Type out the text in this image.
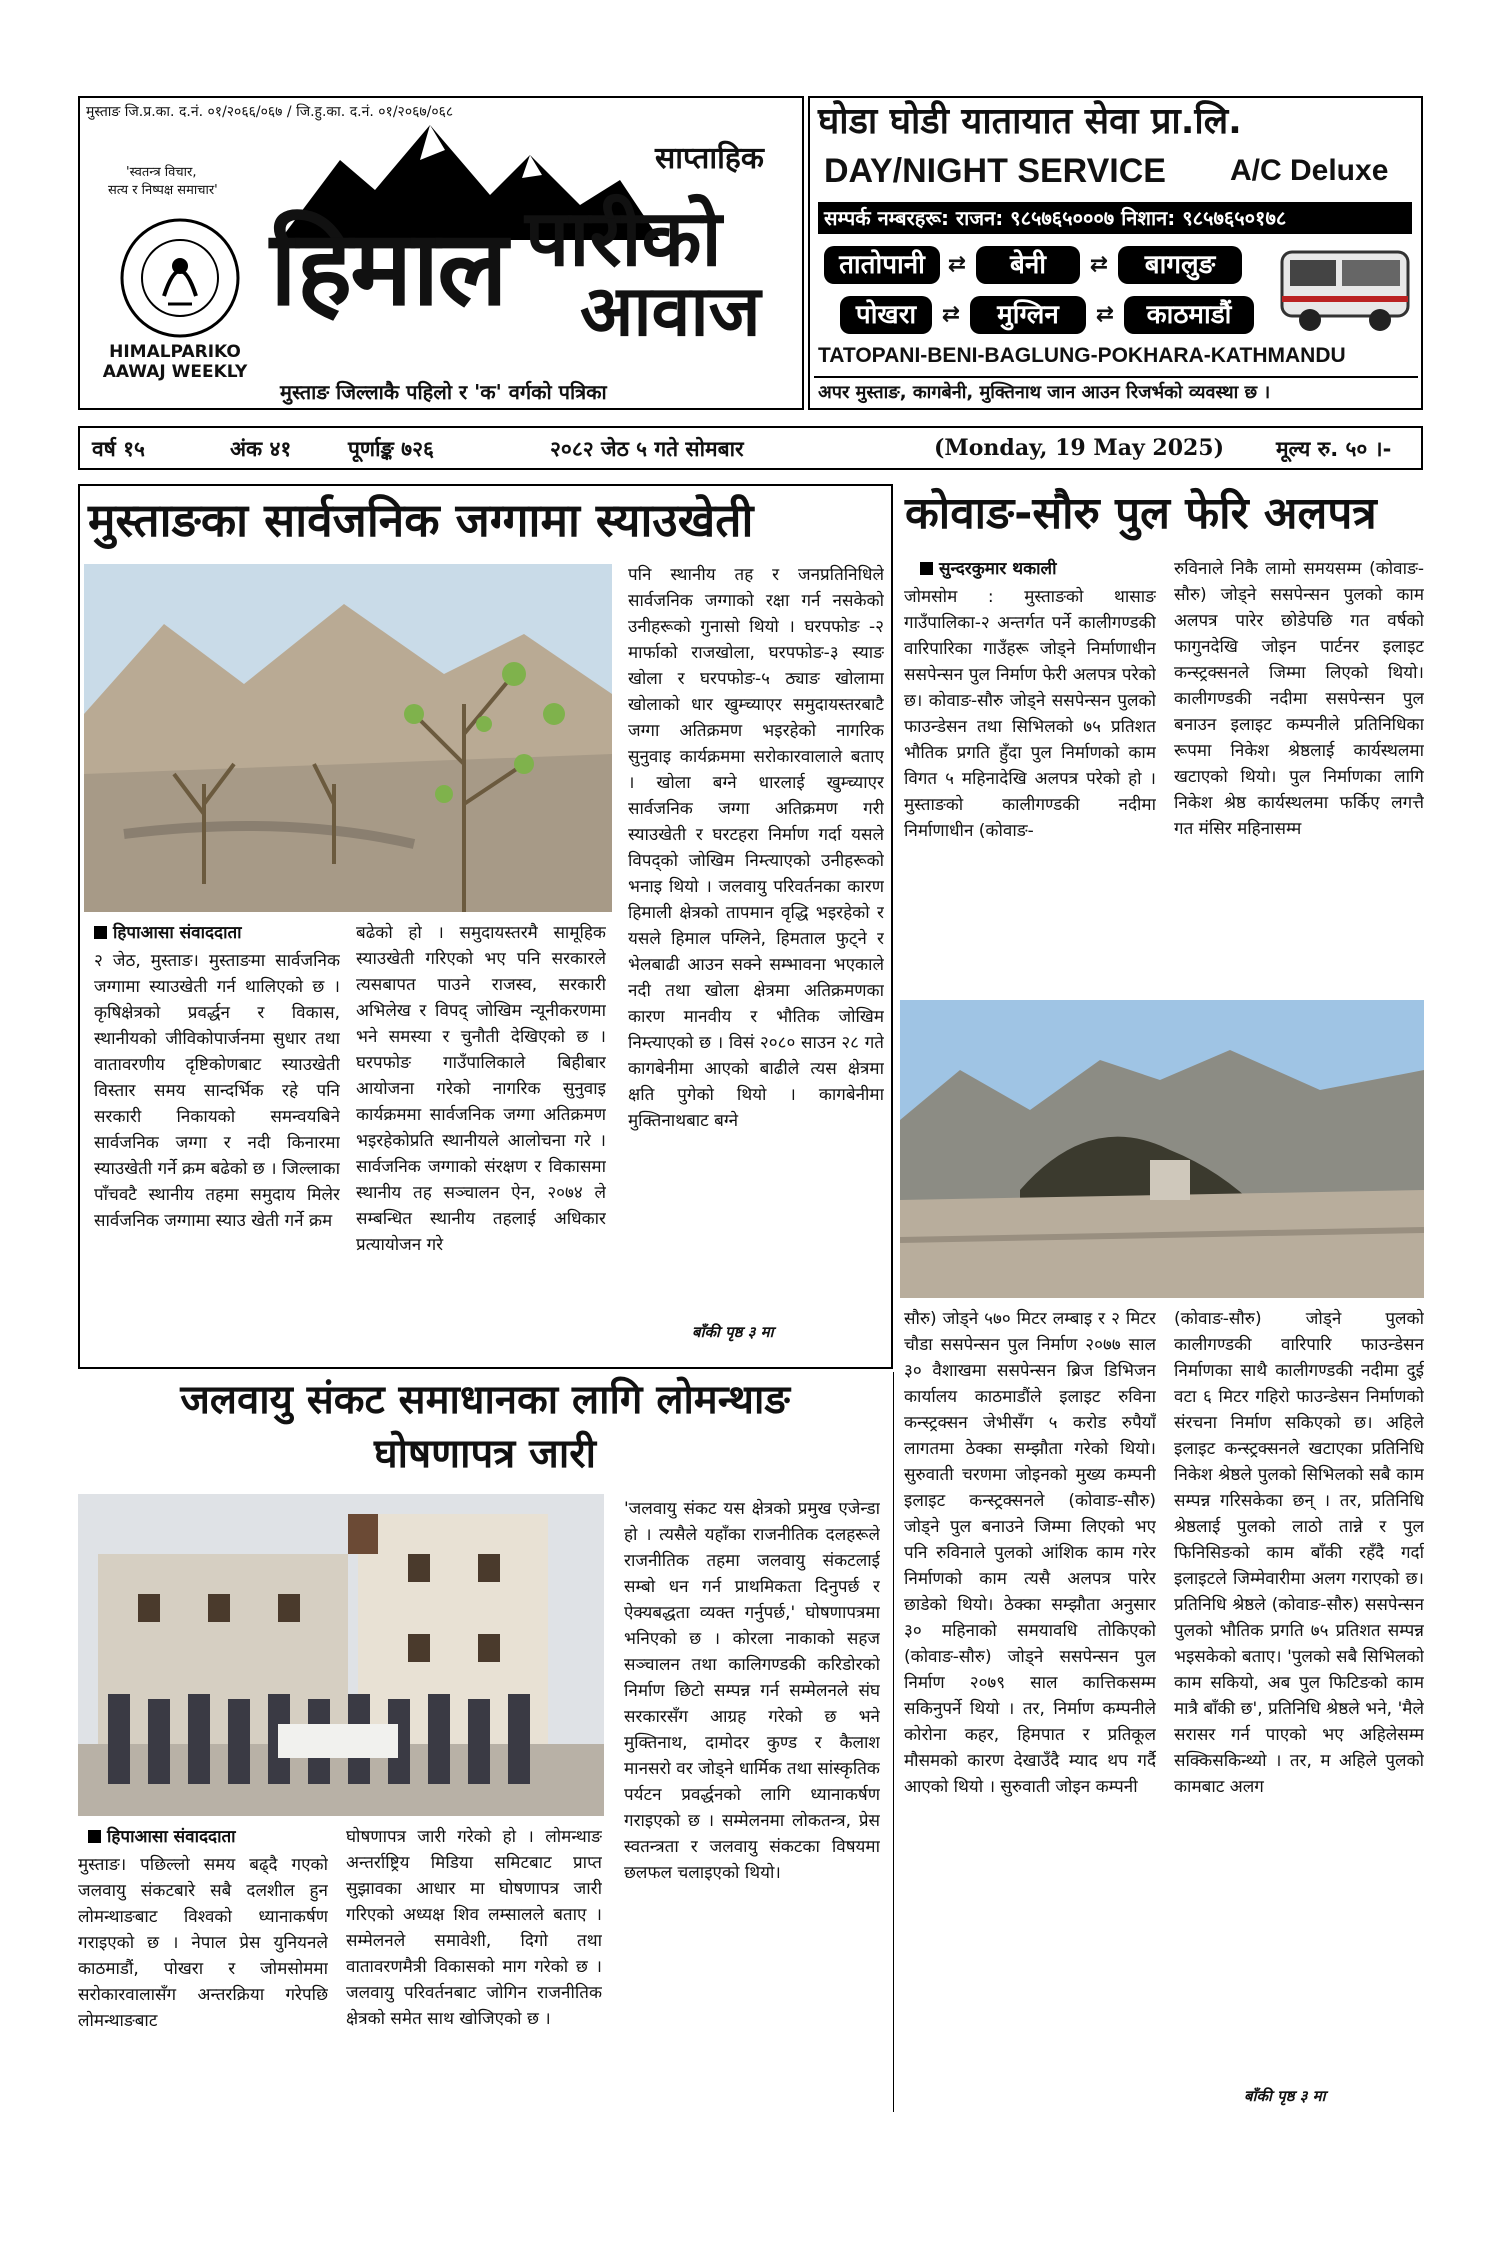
मुस्ताङ जि.प्र.का. द.नं. ०१/२०६६/०६७ / जि.हु.का. द.नं. ०१/२०६७/०६८
'स्वतन्त्र विचार,
सत्य र निष्पक्ष समाचार'
HIMALPARIKO
AAWAJ WEEKLY
साप्ताहिक
हिमाल पारीको
आवाज
मुस्ताङ जिल्लाकै पहिलो र 'क' वर्गको पत्रिका
घोडा घोडी यातायात सेवा प्रा.लि.
DAY/NIGHT SERVICE A/C Deluxe
सम्पर्क नम्बरहरू: राजन: ९८५७६५०००७ निशान: ९८५७६५०१७८
तातोपानी	⇄	बेनी	⇄	बागलुङ
पोखरा	⇄	मुग्लिन	⇄	काठमाडौं
TATOPANI-BENI-BAGLUNG-POKHARA-KATHMANDU
अपर मुस्ताङ, कागबेनी, मुक्तिनाथ जान आउन रिजर्भको व्यवस्था छ ।
वर्ष १५	अंक ४१	पूर्णाङ्क ७२६	२०८२ जेठ ५ गते सोमबार	(Monday, 19 May 2025) मूल्य रु. ५० ।-
मुस्ताङका सार्वजनिक जग्गामा स्याउखेती
हिपाआसा संवाददाता
२ जेठ, मुस्ताङ। मुस्ताङमा सार्वजनिक जग्गामा स्याउखेती गर्न थालिएको छ । कृषिक्षेत्रको प्रवर्द्धन र विकास, स्थानीयको जीविकोपार्जनमा सुधार तथा वातावरणीय दृष्टिकोणबाट स्याउखेती विस्तार समय सान्दर्भिक रहे पनि सरकारी निकायको समन्वयबिने सार्वजनिक जग्गा र नदी किनारमा स्याउखेती गर्ने क्रम बढेको छ । जिल्लाका पाँचवटै स्थानीय तहमा समुदाय मिलेर सार्वजनिक जग्गामा स्याउ खेती गर्ने क्रम
बढेको हो । समुदायस्तरमै सामूहिक स्याउखेती गरिएको भए पनि सरकारले त्यसबापत पाउने राजस्व, सरकारी अभिलेख र विपद् जोखिम न्यूनीकरणमा भने समस्या र चुनौती देखिएको छ । घरपफोङ गाउँपालिकाले बिहीबार आयोजना गरेको नागरिक सुनुवाइ कार्यक्रममा सार्वजनिक जग्गा अतिक्रमण भइरहेकोप्रति स्थानीयले आलोचना गरे । सार्वजनिक जग्गाको संरक्षण र विकासमा स्थानीय तह सञ्चालन ऐन, २०७४ ले सम्बन्धित स्थानीय तहलाई अधिकार प्रत्यायोजन गरे
पनि स्थानीय तह र जनप्रतिनिधिले सार्वजनिक जग्गाको रक्षा गर्न नसकेको उनीहरूको गुनासो थियो । घरपफोङ -२ मार्फाको राजखोला, घरपफोङ-३ स्याङ खोला र घरपफोङ-५ ठ्याङ खोलामा खोलाको धार खुम्च्याएर समुदायस्तरबाटै जग्गा अतिक्रमण भइरहेको नागरिक सुनुवाइ कार्यक्रममा सरोकारवालाले बताए । खोला बग्ने धारलाई खुम्च्याएर सार्वजनिक जग्गा अतिक्रमण गरी स्याउखेती र घरटहरा निर्माण गर्दा यसले विपद्को जोखिम निम्त्याएको उनीहरूको भनाइ थियो । जलवायु परिवर्तनका कारण हिमाली क्षेत्रको तापमान वृद्धि भइरहेको र यसले हिमाल पग्लिने, हिमताल फुट्ने र भेलबाढी आउन सक्ने सम्भावना भएकाले नदी तथा खोला क्षेत्रमा अतिक्रमणका कारण मानवीय र भौतिक जोखिम निम्त्याएको छ । विसं २०८० साउन २८ गते कागबेनीमा आएको बाढीले त्यस क्षेत्रमा क्षति पुगेको थियो । कागबेनीमा मुक्तिनाथबाट बग्ने
बाँकी पृष्ठ ३ मा
कोवाङ-सौरु पुल फेरि अलपत्र
सुन्दरकुमार थकाली
जोमसोम : मुस्ताङको थासाङ गाउँपालिका-२ अन्तर्गत पर्ने कालीगण्डकी वारिपारिका गाउँहरू जोड्ने निर्माणाधीन ससपेन्सन पुल निर्माण फेरी अलपत्र परेको छ। कोवाङ-सौरु जोड्ने ससपेन्सन पुलको फाउन्डेसन तथा सिभिलको ७५ प्रतिशत भौतिक प्रगति हुँदा पुल निर्माणको काम विगत ५ महिनादेखि अलपत्र परेको हो । मुस्ताङको कालीगण्डकी नदीमा निर्माणाधीन (कोवाङ-
रुविनाले निकै लामो समयसम्म (कोवाङ-सौरु) जोड्ने ससपेन्सन पुलको काम अलपत्र पारेर छोडेपछि गत वर्षको फागुनदेखि जोइन पार्टनर इलाइट कन्स्ट्रक्सनले जिम्मा लिएको थियो। कालीगण्डकी नदीमा ससपेन्सन पुल बनाउन इलाइट कम्पनीले प्रतिनिधिका रूपमा निकेश श्रेष्ठलाई कार्यस्थलमा खटाएको थियो। पुल निर्माणका लागि निकेश श्रेष्ठ कार्यस्थलमा फर्किए लगत्तै गत मंसिर महिनासम्म
सौरु) जोड्ने ५७० मिटर लम्बाइ र २ मिटर चौडा ससपेन्सन पुल निर्माण २०७७ साल ३० वैशाखमा ससपेन्सन ब्रिज डिभिजन कार्यालय काठमाडौंले इलाइट रुविना कन्स्ट्रक्सन जेभीसँग ५ करोड रुपैयाँ लागतमा ठेक्का सम्झौता गरेको थियो। सुरुवाती चरणमा जोइनको मुख्य कम्पनी इलाइट कन्स्ट्रक्सनले (कोवाङ-सौरु) जोड्ने पुल बनाउने जिम्मा लिएको भए पनि रुविनाले पुलको आंशिक काम गरेर निर्माणको काम त्यसै अलपत्र पारेर छाडेको थियो। ठेक्का सम्झौता अनुसार ३० महिनाको समयावधि तोकिएको (कोवाङ-सौरु) जोड्ने ससपेन्सन पुल निर्माण २०७९ साल कात्तिकसम्म सकिनुपर्ने थियो । तर, निर्माण कम्पनीले कोरोना कहर, हिमपात र प्रतिकूल मौसमको कारण देखाउँदै म्याद थप गर्दै आएको थियो । सुरुवाती जोइन कम्पनी
(कोवाङ-सौरु) जोड्ने पुलको कालीगण्डकी वारिपारि फाउन्डेसन निर्माणका साथै कालीगण्डकी नदीमा दुई वटा ६ मिटर गहिरो फाउन्डेसन निर्माणको संरचना निर्माण सकिएको छ। अहिले इलाइट कन्स्ट्रक्सनले खटाएका प्रतिनिधि निकेश श्रेष्ठले पुलको सिभिलको सबै काम सम्पन्न गरिसकेका छन् । तर, प्रतिनिधि श्रेष्ठलाई पुलको लाठो तान्ने र पुल फिनिसिङको काम बाँकी रहँदै गर्दा इलाइटले जिम्मेवारीमा अलग गराएको छ। प्रतिनिधि श्रेष्ठले (कोवाङ-सौरु) ससपेन्सन पुलको भौतिक प्रगति ७५ प्रतिशत सम्पन्न भइसकेको बताए। 'पुलको सबै सिभिलको काम सकियो, अब पुल फिटिङको काम मात्रै बाँकी छ', प्रतिनिधि श्रेष्ठले भने, 'मैले सरासर गर्न पाएको भए अहिलेसम्म सक्किसकिन्थ्यो । तर, म अहिले पुलको कामबाट अलग
बाँकी पृष्ठ ३ मा
जलवायु संकट समाधानका लागि लोमन्थाङ
घोषणापत्र जारी
हिपाआसा संवाददाता
मुस्ताङ। पछिल्लो समय बढ्दै गएको जलवायु संकटबारे सबै दलशील हुन लोमन्थाङबाट विश्वको ध्यानाकर्षण गराइएको छ । नेपाल प्रेस युनियनले काठमाडौं, पोखरा र जोमसोममा सरोकारवालासँग अन्तरक्रिया गरेपछि लोमन्थाङबाट
घोषणापत्र जारी गरेको हो । लोमन्थाङ अन्तर्राष्ट्रिय मिडिया समिटबाट प्राप्त सुझावका आधार मा घोषणापत्र जारी गरिएको अध्यक्ष शिव लम्सालले बताए । सम्मेलनले समावेशी, दिगो तथा वातावरणमैत्री विकासको माग गरेको छ । जलवायु परिवर्तनबाट जोगिन राजनीतिक क्षेत्रको समेत साथ खोजिएको छ ।
'जलवायु संकट यस क्षेत्रको प्रमुख एजेन्डा हो । त्यसैले यहाँका राजनीतिक दलहरूले राजनीतिक तहमा जलवायु संकटलाई सम्बो धन गर्न प्राथमिकता दिनुपर्छ र ऐक्यबद्धता व्यक्त गर्नुपर्छ,' घोषणापत्रमा भनिएको छ । कोरला नाकाको सहज सञ्चालन तथा कालिगण्डकी करिडोरको निर्माण छिटो सम्पन्न गर्न सम्मेलनले संघ सरकारसँग आग्रह गरेको छ भने मुक्तिनाथ, दामोदर कुण्ड र कैलाश मानसरो वर जोड्ने धार्मिक तथा सांस्कृतिक पर्यटन प्रवर्द्धनको लागि ध्यानाकर्षण गराइएको छ । सम्मेलनमा लोकतन्त्र, प्रेस स्वतन्त्रता र जलवायु संकटका विषयमा छलफल चलाइएको थियो।
